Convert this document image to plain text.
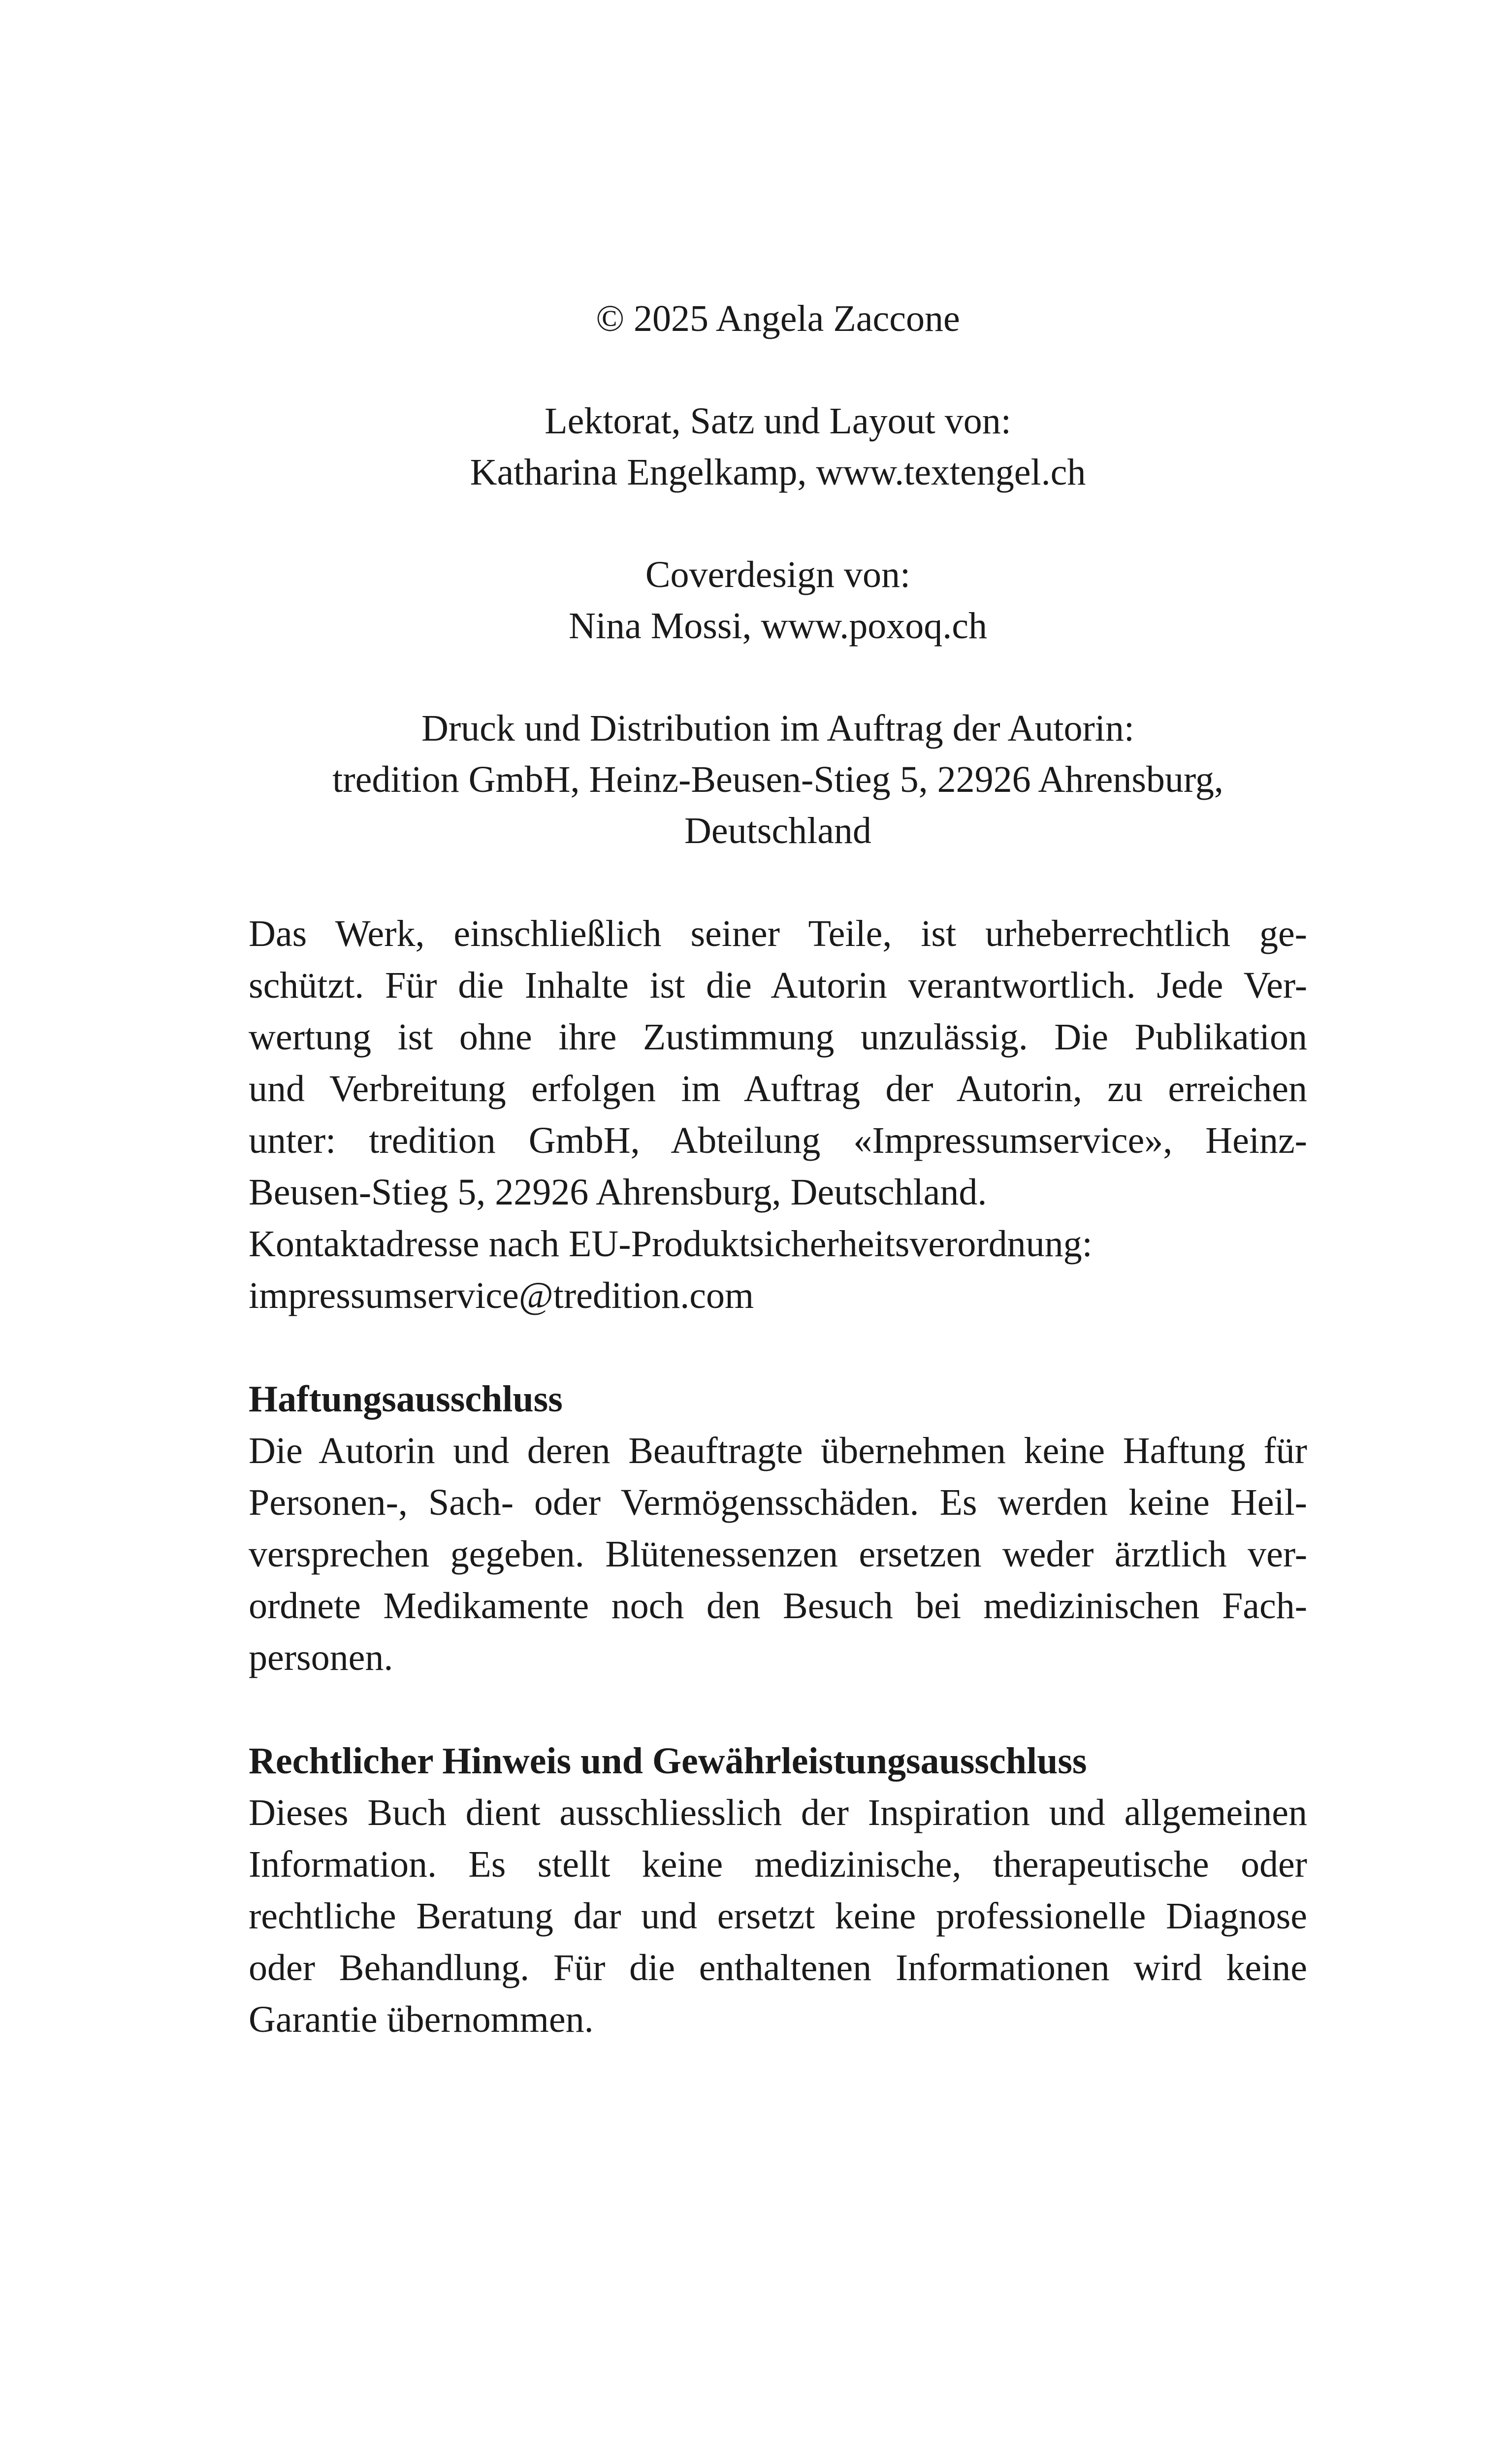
© 2025 Angela Zaccone
Lektorat, Satz und Layout von:
Katharina Engelkamp, www.textengel.ch
Coverdesign von:
Nina Mossi, www.poxoq.ch
Druck und Distribution im Auftrag der Autorin:
tredition GmbH, Heinz-Beusen-Stieg 5, 22926 Ahrensburg,
Deutschland
Das Werk, einschließlich seiner Teile, ist urheberrechtlich ge-
schützt. Für die Inhalte ist die Autorin verantwortlich. Jede Ver-
wertung ist ohne ihre Zustimmung unzulässig. Die Publikation
und Verbreitung erfolgen im Auftrag der Autorin, zu erreichen
unter: tredition GmbH, Abteilung «Impressumservice», Heinz-
Beusen-Stieg 5, 22926 Ahrensburg, Deutschland.
Kontaktadresse nach EU-Produktsicherheitsverordnung:
impressumservice@tredition.com
Haftungsausschluss
Die Autorin und deren Beauftragte übernehmen keine Haftung für
Personen-, Sach- oder Vermögensschäden. Es werden keine Heil-
versprechen gegeben. Blütenessenzen ersetzen weder ärztlich ver-
ordnete Medikamente noch den Besuch bei medizinischen Fach-
personen.
Rechtlicher Hinweis und Gewährleistungsausschluss
Dieses Buch dient ausschliesslich der Inspiration und allgemeinen
Information. Es stellt keine medizinische, therapeutische oder
rechtliche Beratung dar und ersetzt keine professionelle Diagnose
oder Behandlung. Für die enthaltenen Informationen wird keine
Garantie übernommen.
